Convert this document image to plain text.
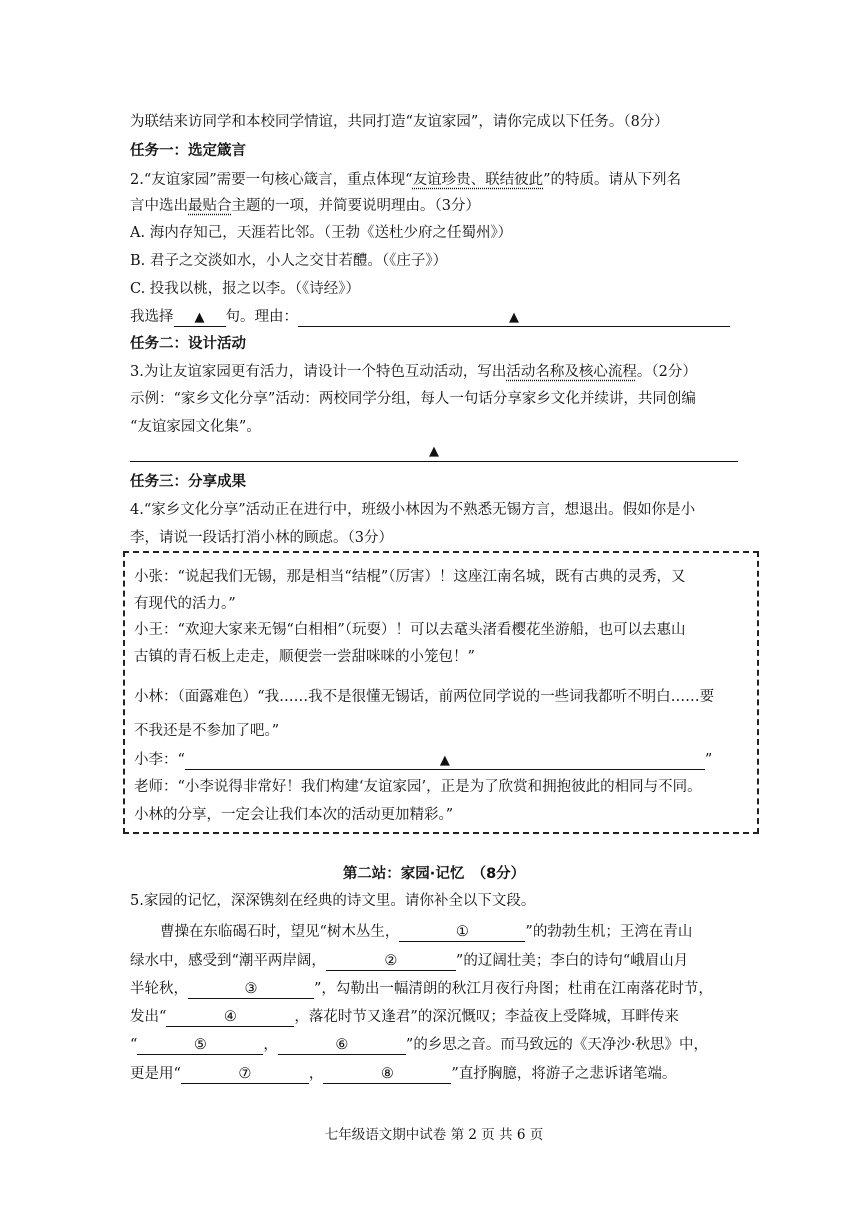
为联结来访同学和本校同学情谊，共同打造“友谊家园”，请你完成以下任务。（8分）
任务一：选定箴言
2.“友谊家园”需要一句核心箴言，重点体现“友谊珍贵、联结彼此”的特质。请从下列名
言中选出最贴合主题的一项，并简要说明理由。（3分）
A. 海内存知己，天涯若比邻。（王勃《送杜少府之任蜀州》）
B. 君子之交淡如水，小人之交甘若醴。（《庄子》）
C. 投我以桃，报之以李。（《诗经》）
我选择 ▲ 句。理由：	▲
任务二：设计活动
3.为让友谊家园更有活力，请设计一个特色互动活动，写出活动名称及核心流程。（2分）
示例：“家乡文化分享”活动：两校同学分组，每人一句话分享家乡文化并续讲，共同创编
“友谊家园文化集”。
▲
任务三：分享成果
4.“家乡文化分享”活动正在进行中，班级小林因为不熟悉无锡方言，想退出。假如你是小
李，请说一段话打消小林的顾虑。（3分）
小张：“说起我们无锡，那是相当“结棍”（厉害）！这座江南名城，既有古典的灵秀，又
有现代的活力。”
小王：“欢迎大家来无锡“白相相”（玩耍）！可以去鼋头渚看樱花坐游船，也可以去惠山
古镇的青石板上走走，顺便尝一尝甜咪咪的小笼包！”
小林：（面露难色）“我……我不是很懂无锡话，前两位同学说的一些词我都听不明白……要
不我还是不参加了吧。”
小李：“	▲	”
老师：“小李说得非常好！我们构建‘友谊家园’，正是为了欣赏和拥抱彼此的相同与不同。
小林的分享，一定会让我们本次的活动更加精彩。”
第二站：家园·记忆　（8分）
5.家园的记忆，深深镌刻在经典的诗文里。请你补全以下文段。
曹操在东临碣石时，望见“树木丛生，	①	”的勃勃生机；王湾在青山
绿水中，感受到“潮平两岸阔，	②	”的辽阔壮美；李白的诗句“峨眉山月
半轮秋，	③	”，勾勒出一幅清朗的秋江月夜行舟图；杜甫在江南落花时节，
发出“	④	，落花时节又逢君”的深沉慨叹；李益夜上受降城，耳畔传来
“	⑤	，	⑥	”的乡思之音。而马致远的《天净沙·秋思》中，
更是用“	⑦	，	⑧	”直抒胸臆，将游子之悲诉诸笔端。
七年级语文期中试卷 第 2 页 共 6 页
